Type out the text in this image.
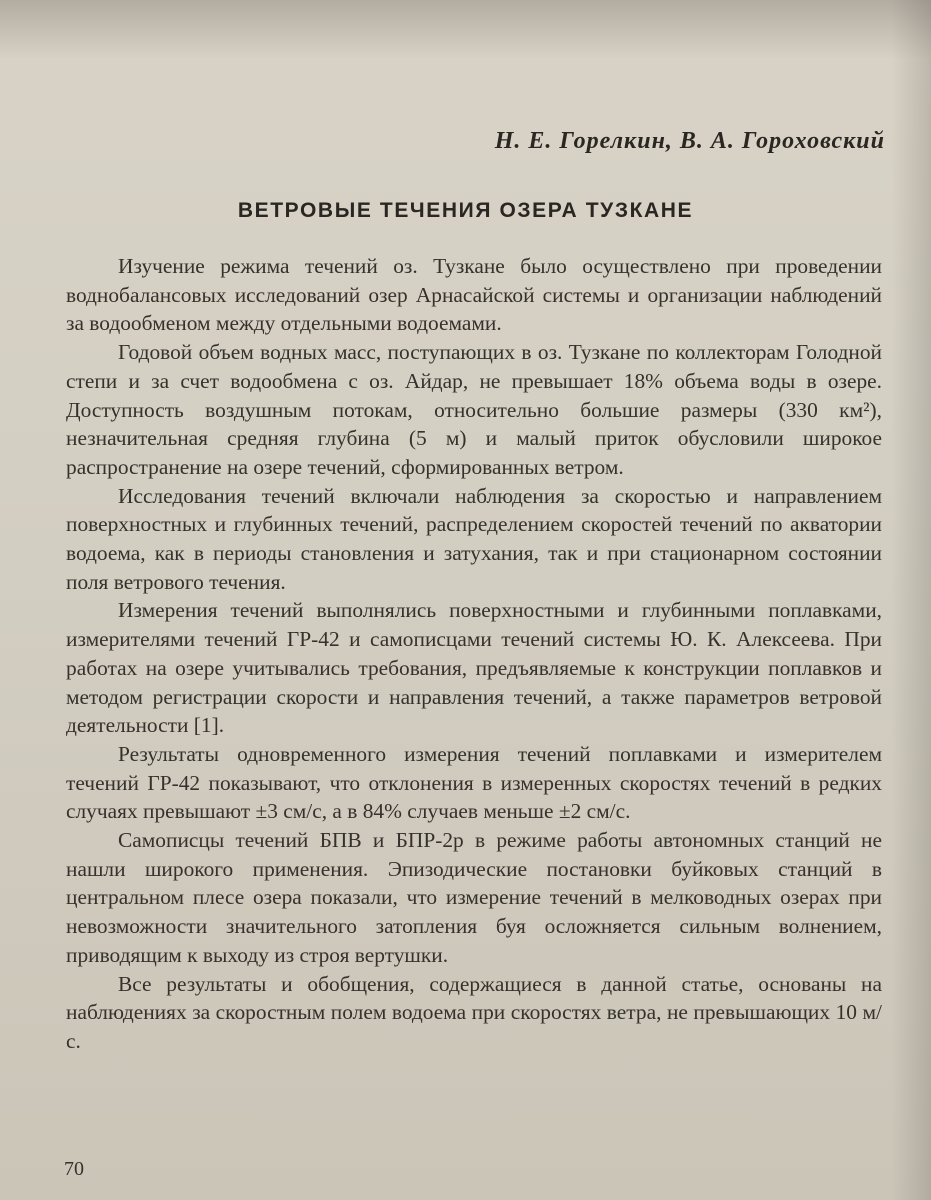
Н. Е. Горелкин, В. А. Гороховский
ВЕТРОВЫЕ ТЕЧЕНИЯ ОЗЕРА ТУЗКАНЕ

Изучение режима течений оз. Тузкане было осуществлено при проведении воднобалансовых исследований озер Арнасайской системы и организации наблюдений за водообменом между отдельными водоемами.

Годовой объем водных масс, поступающих в оз. Тузкане по коллекторам Голодной степи и за счет водообмена с оз. Айдар, не превышает 18% объема воды в озере. Доступность воздушным потокам, относительно большие размеры (330 км²), незначительная средняя глубина (5 м) и малый приток обусловили широкое распространение на озере течений, сформированных ветром.

Исследования течений включали наблюдения за скоростью и направлением поверхностных и глубинных течений, распределением скоростей течений по акватории водоема, как в периоды становления и затухания, так и при стационарном состоянии поля ветрового течения.

Измерения течений выполнялись поверхностными и глубинными поплавками, измерителями течений ГР-42 и самописцами течений системы Ю. К. Алексеева. При работах на озере учитывались требования, предъявляемые к конструкции поплавков и методом регистрации скорости и направления течений, а также параметров ветровой деятельности [1].

Результаты одновременного измерения течений поплавками и измерителем течений ГР-42 показывают, что отклонения в измеренных скоростях течений в редких случаях превышают ±3 см/с, а в 84% случаев меньше ±2 см/с.

Самописцы течений БПВ и БПР-2р в режиме работы автономных станций не нашли широкого применения. Эпизодические постановки буйковых станций в центральном плесе озера показали, что измерение течений в мелководных озерах при невозможности значительного затопления буя осложняется сильным волнением, приводящим к выходу из строя вертушки.

Все результаты и обобщения, содержащиеся в данной статье, основаны на наблюдениях за скоростным полем водоема при скоростях ветра, не превышающих 10 м/с.

70
